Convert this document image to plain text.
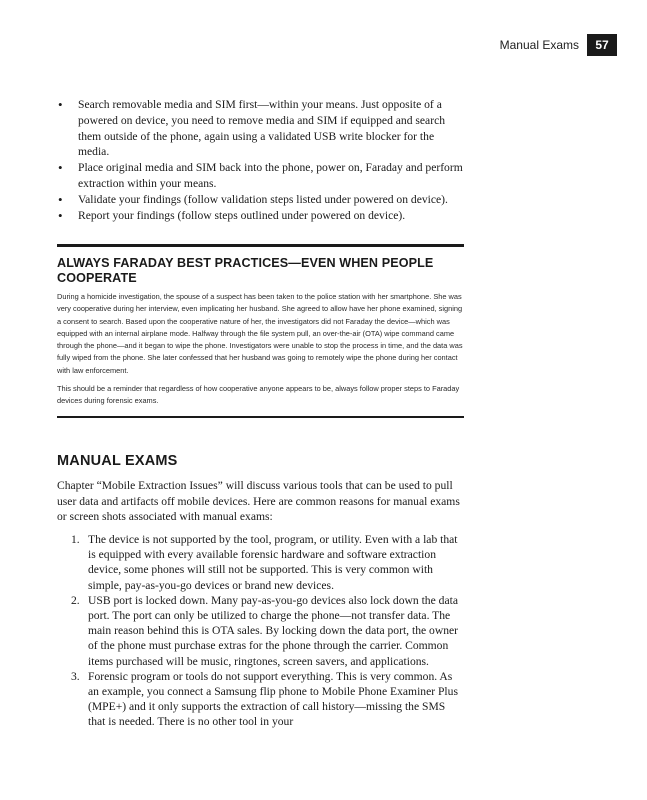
Manual Exams	57
• Search removable media and SIM first—within your means. Just opposite of a powered on device, you need to remove media and SIM if equipped and search them outside of the phone, again using a validated USB write blocker for the media.
• Place original media and SIM back into the phone, power on, Faraday and perform extraction within your means.
• Validate your findings (follow validation steps listed under powered on device).
• Report your findings (follow steps outlined under powered on device).
ALWAYS FARADAY BEST PRACTICES—EVEN WHEN PEOPLE COOPERATE

During a homicide investigation, the spouse of a suspect has been taken to the police station with her smartphone. She was very cooperative during her interview, even implicating her husband. She agreed to allow have her phone examined, signing a consent to search. Based upon the cooperative nature of her, the investigators did not Faraday the device—which was equipped with an internal airplane mode. Halfway through the file system pull, an over-the-air (OTA) wipe command came through the phone—and it began to wipe the phone. Investigators were unable to stop the process in time, and the data was fully wiped from the phone. She later confessed that her husband was going to remotely wipe the phone during her contact with law enforcement.

This should be a reminder that regardless of how cooperative anyone appears to be, always follow proper steps to Faraday devices during forensic exams.

MANUAL EXAMS

Chapter “Mobile Extraction Issues” will discuss various tools that can be used to pull user data and artifacts off mobile devices. Here are common reasons for manual exams or screen shots associated with manual exams:

1. The device is not supported by the tool, program, or utility. Even with a lab that is equipped with every available forensic hardware and software extraction device, some phones will still not be supported. This is very common with simple, pay-as-you-go devices or brand new devices.
2. USB port is locked down. Many pay-as-you-go devices also lock down the data port. The port can only be utilized to charge the phone—not transfer data. The main reason behind this is OTA sales. By locking down the data port, the owner of the phone must purchase extras for the phone through the carrier. Common items purchased will be music, ringtones, screen savers, and applications.
3. Forensic program or tools do not support everything. This is very common. As an example, you connect a Samsung flip phone to Mobile Phone Examiner Plus (MPE+) and it only supports the extraction of call history—missing the SMS that is needed. There is no other tool in your
